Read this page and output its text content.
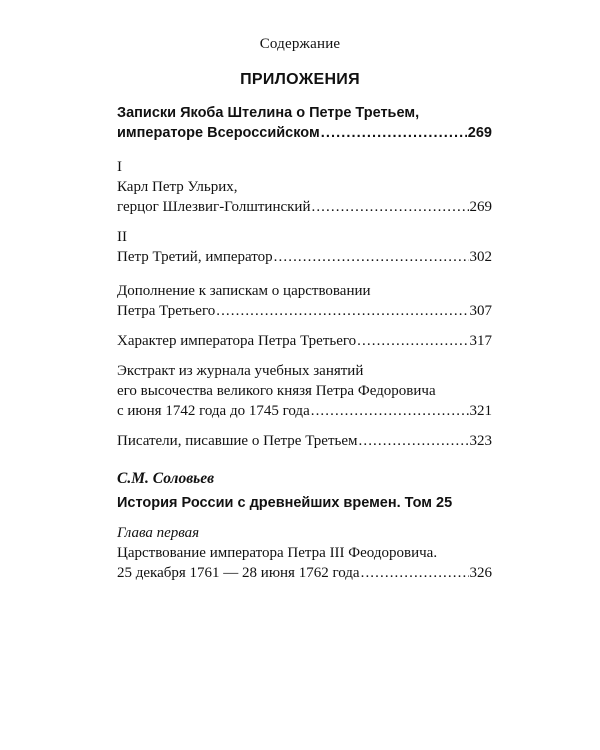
Содержание
ПРИЛОЖЕНИЯ
Записки Якоба Штелина о Петре Третьем,
императоре Всероссийском .....	269
I
Карл Петр Ульрих,
герцог Шлезвиг-Голштинский .....	269
II
Петр Третий, император .....	302
Дополнение к запискам о царствовании
Петра Третьего .....	307
Характер императора Петра Третьего .....	317
Экстракт из журнала учебных занятий
его высочества великого князя Петра Федоровича
с июня 1742 года до 1745 года .....	321
Писатели, писавшие о Петре Третьем .....	323
С.М. Соловьев
История России с древнейших времен. Том 25
Глава первая
Царствование императора Петра III Феодоровича.
25 декабря 1761 — 28 июня 1762 года .....	326
